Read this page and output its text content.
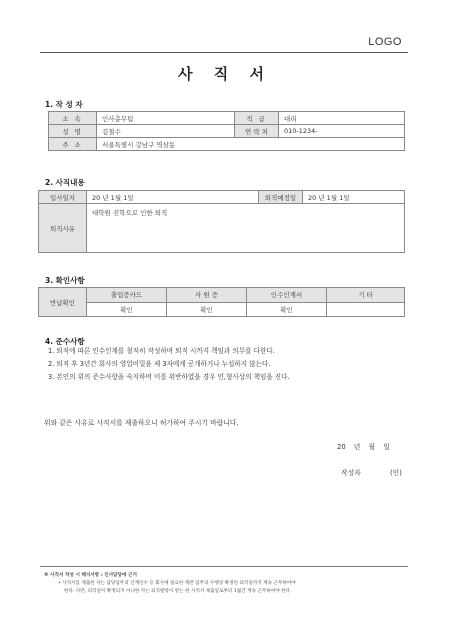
LOGO
사 직 서
1. 작 성 자
소 속	인사총무팀	직 급	대리
성 명	김철수	연 락 처	010-1234-
주 소	서울특별시 강남구 역삼동		
2. 사직내용
입사일자	20 년 1월 1일	퇴직예정일	20 년 1월 1일
퇴직사유	대학원 진학으로 인한 퇴직		
3. 확인사항
반납확인	출입증카드	사 원 증	인수인계서	기 타
	확인	확인	확인	
4. 준수사항
1. 퇴직에 따른 인수인계를 철저히 작성하며 퇴직 시까지 책임과 의무를 다한다.
2. 퇴직 후 3년간 회사의 영업비밀을 제 3자에게 공개하거나 누설하지 않는다.
3. 본인의 위의 준수사항을 숙지하며 이를 위반하였을 경우 민,형사상의 책임을 진다.
위와 같은 사유로 사직서를 제출하오니 허가하여 주시기 바랍니다.
20 년 월 일
작성자	(인)
※ 사직서 작성 시 해지사항 : 인사담당에 근거
• 사직서를 제출한 자는 담당업무의 인계인수 등 회사에 필요한 제반 업무의 수행상 확정된 퇴직일까지 계속 근무하여야
한다. 다만, 퇴직일이 확정되지 아니한 자는 퇴직발령이 받는 한 사직서 제출일로부터 1월간 계속 근무하여야 한다.
